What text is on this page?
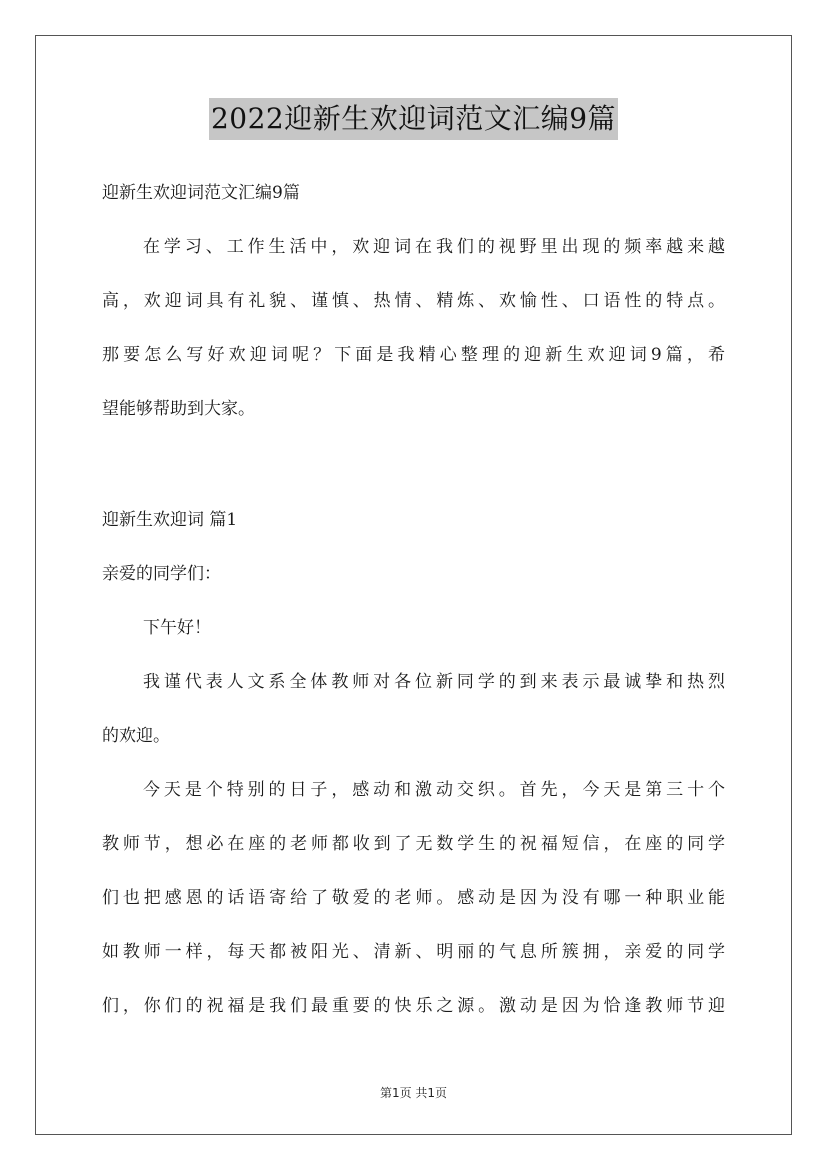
2022迎新生欢迎词范文汇编9篇
迎新生欢迎词范文汇编9篇
在学习、工作生活中，欢迎词在我们的视野里出现的频率越来越
高，欢迎词具有礼貌、谨慎、热情、精炼、欢愉性、口语性的特点。
那要怎么写好欢迎词呢？下面是我精心整理的迎新生欢迎词9篇，希
望能够帮助到大家。
迎新生欢迎词 篇1
亲爱的同学们：
下午好！
我谨代表人文系全体教师对各位新同学的到来表示最诚挚和热烈
的欢迎。
今天是个特别的日子，感动和激动交织。首先，今天是第三十个
教师节，想必在座的老师都收到了无数学生的祝福短信，在座的同学
们也把感恩的话语寄给了敬爱的老师。感动是因为没有哪一种职业能
如教师一样，每天都被阳光、清新、明丽的气息所簇拥，亲爱的同学
们，你们的祝福是我们最重要的快乐之源。激动是因为恰逢教师节迎
第1页 共1页
